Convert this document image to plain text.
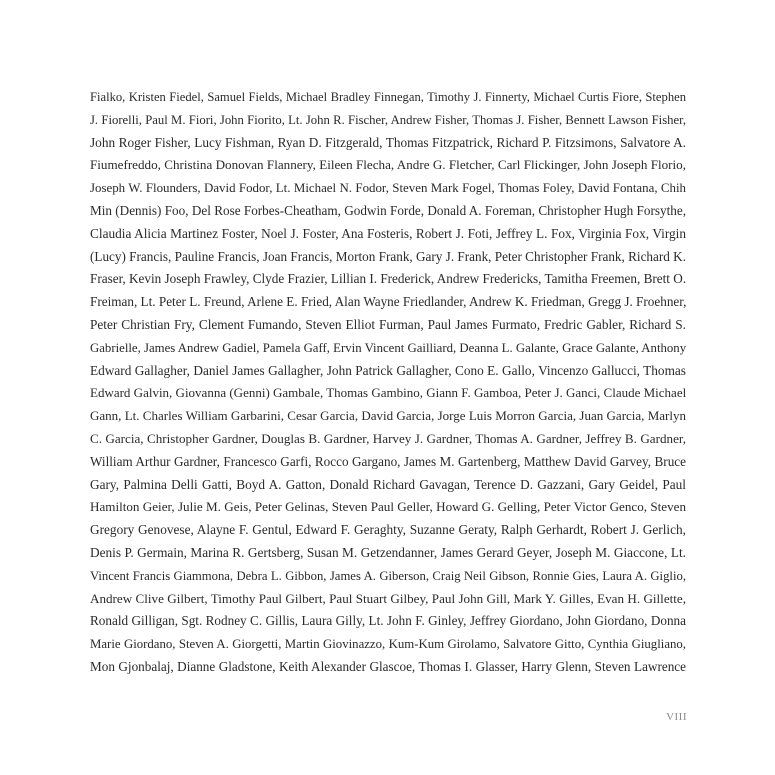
Fialko, Kristen Fiedel, Samuel Fields, Michael Bradley Finnegan, Timothy J. Finnerty, Michael Curtis Fiore, Stephen
J. Fiorelli, Paul M. Fiori, John Fiorito, Lt. John R. Fischer, Andrew Fisher, Thomas J. Fisher, Bennett Lawson Fisher,
John Roger Fisher, Lucy Fishman, Ryan D. Fitzgerald, Thomas Fitzpatrick, Richard P. Fitzsimons, Salvatore A.
Fiumefreddo, Christina Donovan Flannery, Eileen Flecha, Andre G. Fletcher, Carl Flickinger, John Joseph Florio,
Joseph W. Flounders, David Fodor, Lt. Michael N. Fodor, Steven Mark Fogel, Thomas Foley, David Fontana, Chih
Min (Dennis) Foo, Del Rose Forbes-Cheatham, Godwin Forde, Donald A. Foreman, Christopher Hugh Forsythe,
Claudia Alicia Martinez Foster, Noel J. Foster, Ana Fosteris, Robert J. Foti, Jeffrey L. Fox, Virginia Fox, Virgin
(Lucy) Francis, Pauline Francis, Joan Francis, Morton Frank, Gary J. Frank, Peter Christopher Frank, Richard K.
Fraser, Kevin Joseph Frawley, Clyde Frazier, Lillian I. Frederick, Andrew Fredericks, Tamitha Freemen, Brett O.
Freiman, Lt. Peter L. Freund, Arlene E. Fried, Alan Wayne Friedlander, Andrew K. Friedman, Gregg J. Froehner,
Peter Christian Fry, Clement Fumando, Steven Elliot Furman, Paul James Furmato, Fredric Gabler, Richard S.
Gabrielle, James Andrew Gadiel, Pamela Gaff, Ervin Vincent Gailliard, Deanna L. Galante, Grace Galante, Anthony
Edward Gallagher, Daniel James Gallagher, John Patrick Gallagher, Cono E. Gallo, Vincenzo Gallucci, Thomas
Edward Galvin, Giovanna (Genni) Gambale, Thomas Gambino, Giann F. Gamboa, Peter J. Ganci, Claude Michael
Gann, Lt. Charles William Garbarini, Cesar Garcia, David Garcia, Jorge Luis Morron Garcia, Juan Garcia, Marlyn
C. Garcia, Christopher Gardner, Douglas B. Gardner, Harvey J. Gardner, Thomas A. Gardner, Jeffrey B. Gardner,
William Arthur Gardner, Francesco Garfi, Rocco Gargano, James M. Gartenberg, Matthew David Garvey, Bruce
Gary, Palmina Delli Gatti, Boyd A. Gatton, Donald Richard Gavagan, Terence D. Gazzani, Gary Geidel, Paul
Hamilton Geier, Julie M. Geis, Peter Gelinas, Steven Paul Geller, Howard G. Gelling, Peter Victor Genco, Steven
Gregory Genovese, Alayne F. Gentul, Edward F. Geraghty, Suzanne Geraty, Ralph Gerhardt, Robert J. Gerlich,
Denis P. Germain, Marina R. Gertsberg, Susan M. Getzendanner, James Gerard Geyer, Joseph M. Giaccone, Lt.
Vincent Francis Giammona, Debra L. Gibbon, James A. Giberson, Craig Neil Gibson, Ronnie Gies, Laura A. Giglio,
Andrew Clive Gilbert, Timothy Paul Gilbert, Paul Stuart Gilbey, Paul John Gill, Mark Y. Gilles, Evan H. Gillette,
Ronald Gilligan, Sgt. Rodney C. Gillis, Laura Gilly, Lt. John F. Ginley, Jeffrey Giordano, John Giordano, Donna
Marie Giordano, Steven A. Giorgetti, Martin Giovinazzo, Kum-Kum Girolamo, Salvatore Gitto, Cynthia Giugliano,
Mon Gjonbalaj, Dianne Gladstone, Keith Alexander Glascoe, Thomas I. Glasser, Harry Glenn, Steven Lawrence
VIII
